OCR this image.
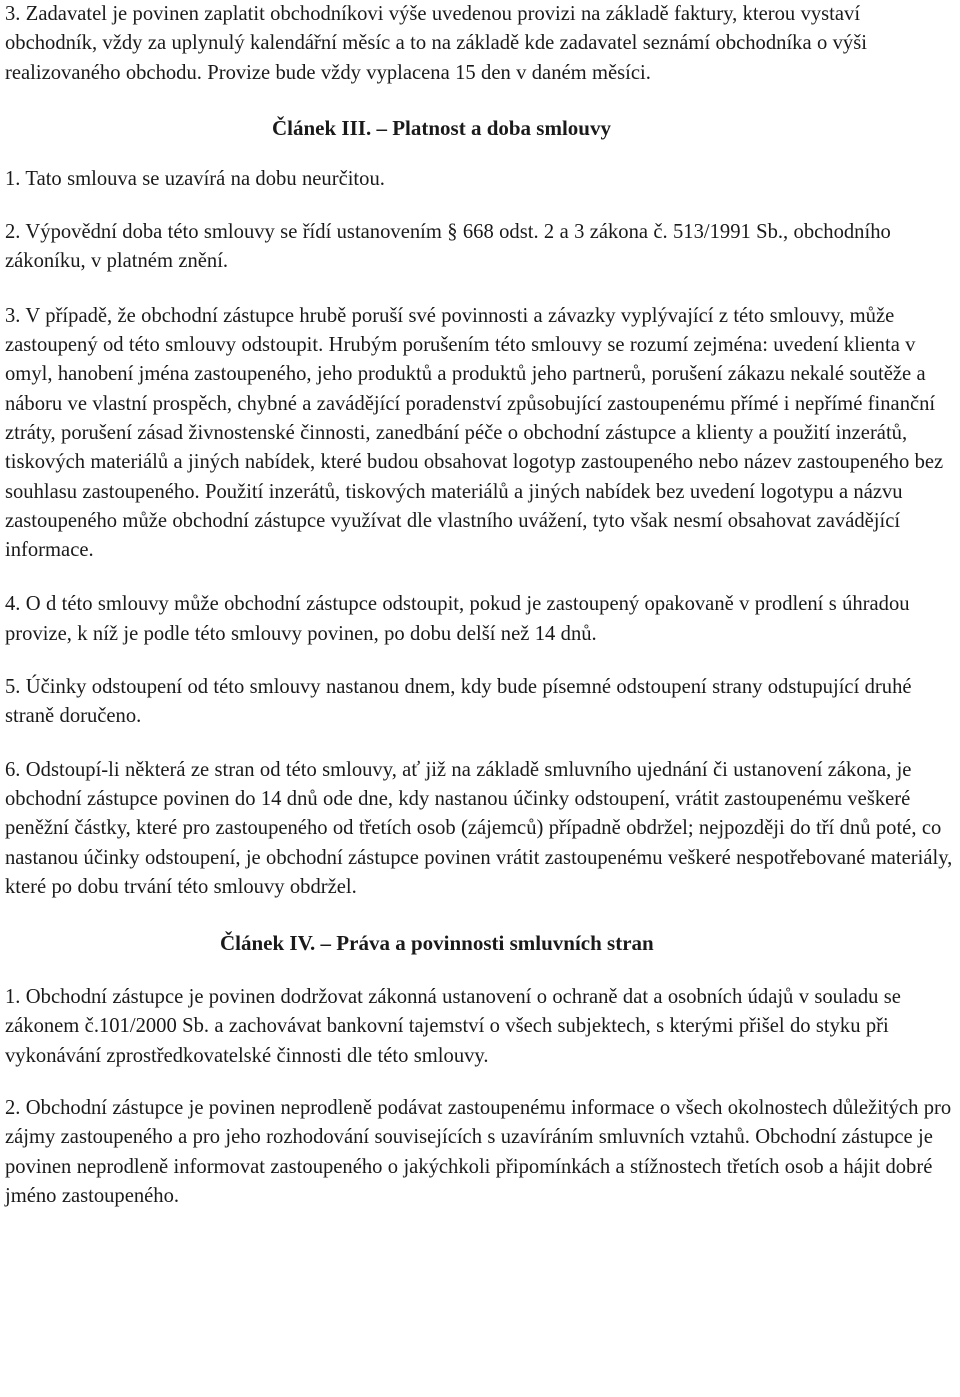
3. Zadavatel je povinen zaplatit obchodníkovi výše uvedenou provizi na základě faktury, kterou vystaví obchodník, vždy za uplynulý kalendářní měsíc a to na základě kde zadavatel seznámí obchodníka o výši realizovaného obchodu. Provize bude vždy vyplacena 15 den v daném měsíci.

Článek III. – Platnost a doba smlouvy

1. Tato smlouva se uzavírá na dobu neurčitou.

2. Výpovědní doba této smlouvy se řídí ustanovením § 668 odst. 2 a 3 zákona č. 513/1991 Sb., obchodního zákoníku, v platném znění.

3. V případě, že obchodní zástupce hrubě poruší své povinnosti a závazky vyplývající z této smlouvy, může zastoupený od této smlouvy odstoupit. Hrubým porušením této smlouvy se rozumí zejména: uvedení klienta v omyl, hanobení jména zastoupeného, jeho produktů a produktů jeho partnerů, porušení zákazu nekalé soutěže a náboru ve vlastní prospěch, chybné a zavádějící poradenství způsobující zastoupenému přímé i nepřímé finanční ztráty, porušení zásad živnostenské činnosti, zanedbání péče o obchodní zástupce a klienty a použití inzerátů, tiskových materiálů a jiných nabídek, které budou obsahovat logotyp zastoupeného nebo název zastoupeného bez souhlasu zastoupeného. Použití inzerátů, tiskových materiálů a jiných nabídek bez uvedení logotypu a názvu zastoupeného může obchodní zástupce využívat dle vlastního uvážení, tyto však nesmí obsahovat zavádějící informace.

4. O d této smlouvy může obchodní zástupce odstoupit, pokud je zastoupený opakovaně v prodlení s úhradou provize, k níž je podle této smlouvy povinen, po dobu delší než 14 dnů.

5. Účinky odstoupení od této smlouvy nastanou dnem, kdy bude písemné odstoupení strany odstupující druhé straně doručeno.

6. Odstoupí-li některá ze stran od této smlouvy, ať již na základě smluvního ujednání či ustanovení zákona, je obchodní zástupce povinen do 14 dnů ode dne, kdy nastanou účinky odstoupení, vrátit zastoupenému veškeré peněžní částky, které pro zastoupeného od třetích osob (zájemců) případně obdržel; nejpozději do tří dnů poté, co nastanou účinky odstoupení, je obchodní zástupce povinen vrátit zastoupenému veškeré nespotřebované materiály, které po dobu trvání této smlouvy obdržel.

Článek IV. – Práva a povinnosti smluvních stran

1. Obchodní zástupce je povinen dodržovat zákonná ustanovení o ochraně dat a osobních údajů v souladu se zákonem č.101/2000 Sb. a zachovávat bankovní tajemství o všech subjektech, s kterými přišel do styku při vykonávání zprostředkovatelské činnosti dle této smlouvy.

2. Obchodní zástupce je povinen neprodleně podávat zastoupenému informace o všech okolnostech důležitých pro zájmy zastoupeného a pro jeho rozhodování souvisejících s uzavíráním smluvních vztahů. Obchodní zástupce je povinen neprodleně informovat zastoupeného o jakýchkoli připomínkách a stížnostech třetích osob a hájit dobré jméno zastoupeného.
